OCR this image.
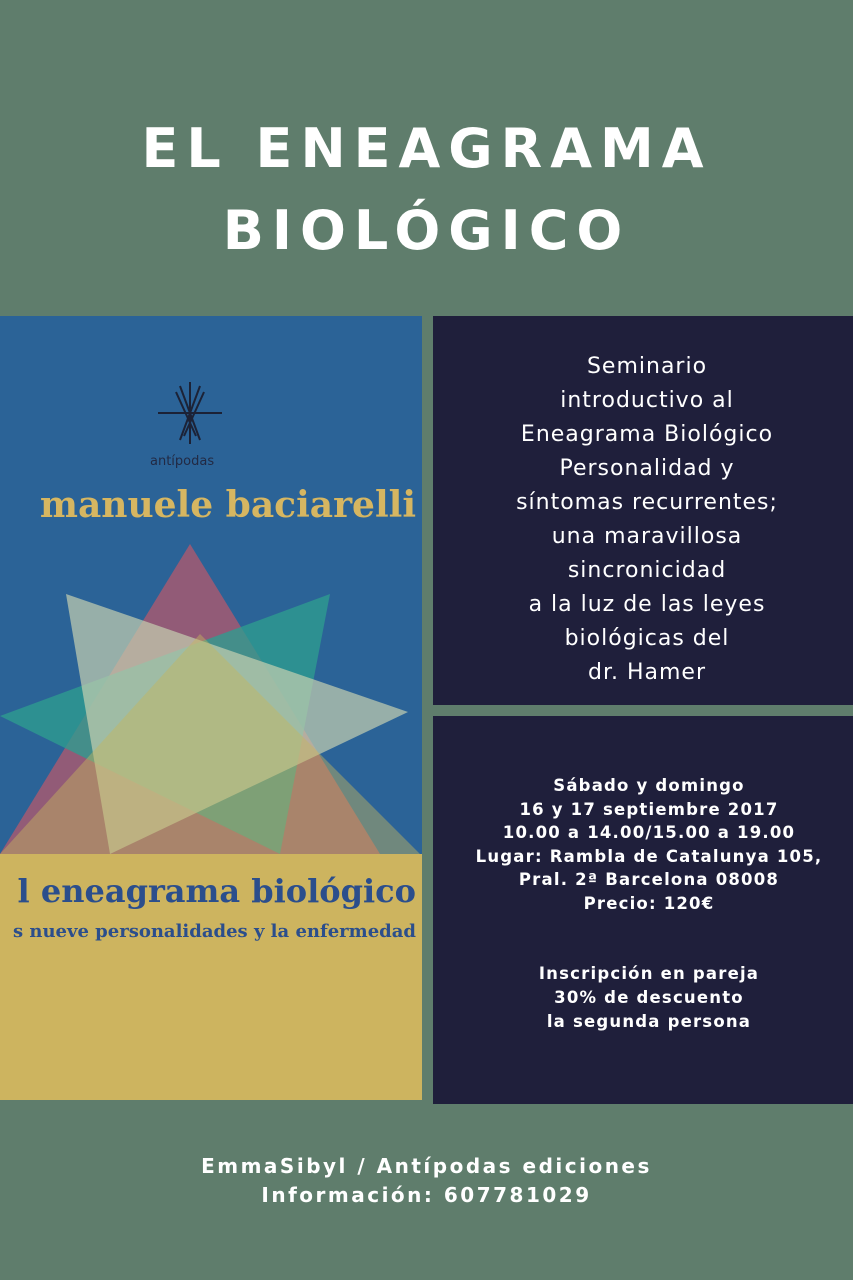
EL ENEAGRAMA
BIOLÓGICO
antípodas
manuele baciarelli
l eneagrama biológico
s nueve personalidades y la enfermedad
Seminario
introductivo al
Eneagrama Biológico
Personalidad y
síntomas recurrentes;
una maravillosa
sincronicidad
a la luz de las leyes
biológicas del
dr. Hamer
Sábado y domingo
16 y 17 septiembre 2017
10.00 a 14.00/15.00 a 19.00
Lugar: Rambla de Catalunya 105,
Pral. 2ª Barcelona 08008
Precio: 120€
Inscripción en pareja
30% de descuento
la segunda persona
EmmaSibyl / Antípodas ediciones
Información: 607781029
